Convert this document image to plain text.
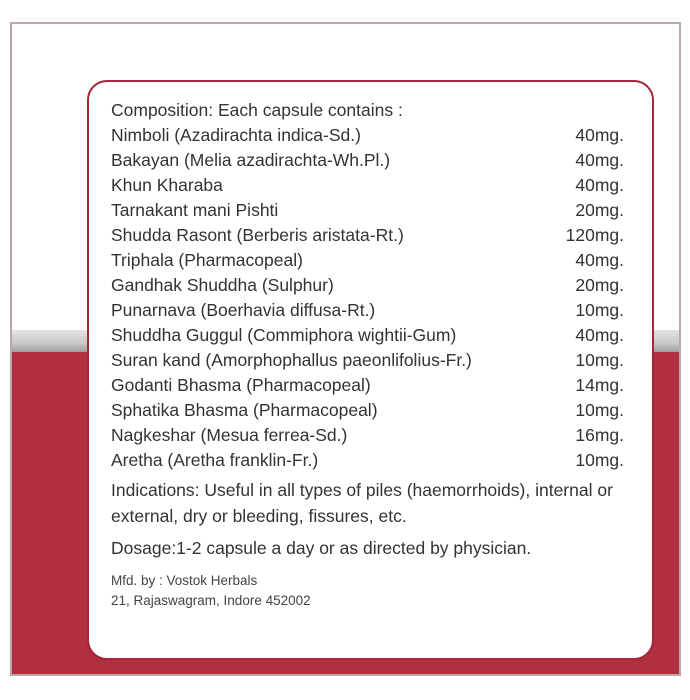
Composition: Each capsule contains :
Nimboli (Azadirachta indica-Sd.)	40mg.
Bakayan (Melia azadirachta-Wh.Pl.)	40mg.
Khun Kharaba	40mg.
Tarnakant mani Pishti	20mg.
Shudda Rasont (Berberis aristata-Rt.)	120mg.
Triphala (Pharmacopeal)	40mg.
Gandhak Shuddha (Sulphur)	20mg.
Punarnava (Boerhavia diffusa-Rt.)	10mg.
Shuddha Guggul (Commiphora wightii-Gum)	40mg.
Suran kand (Amorphophallus paeonlifolius-Fr.)	10mg.
Godanti Bhasma (Pharmacopeal)	14mg.
Sphatika Bhasma (Pharmacopeal)	10mg.
Nagkeshar (Mesua ferrea-Sd.)	16mg.
Aretha (Aretha franklin-Fr.)	10mg.
Indications: Useful in all types of piles (haemorrhoids), internal or external, dry or bleeding, fissures, etc.
Dosage:1-2 capsule a day or as directed by physician.
Mfd. by : Vostok Herbals
21, Rajaswagram, Indore 452002
